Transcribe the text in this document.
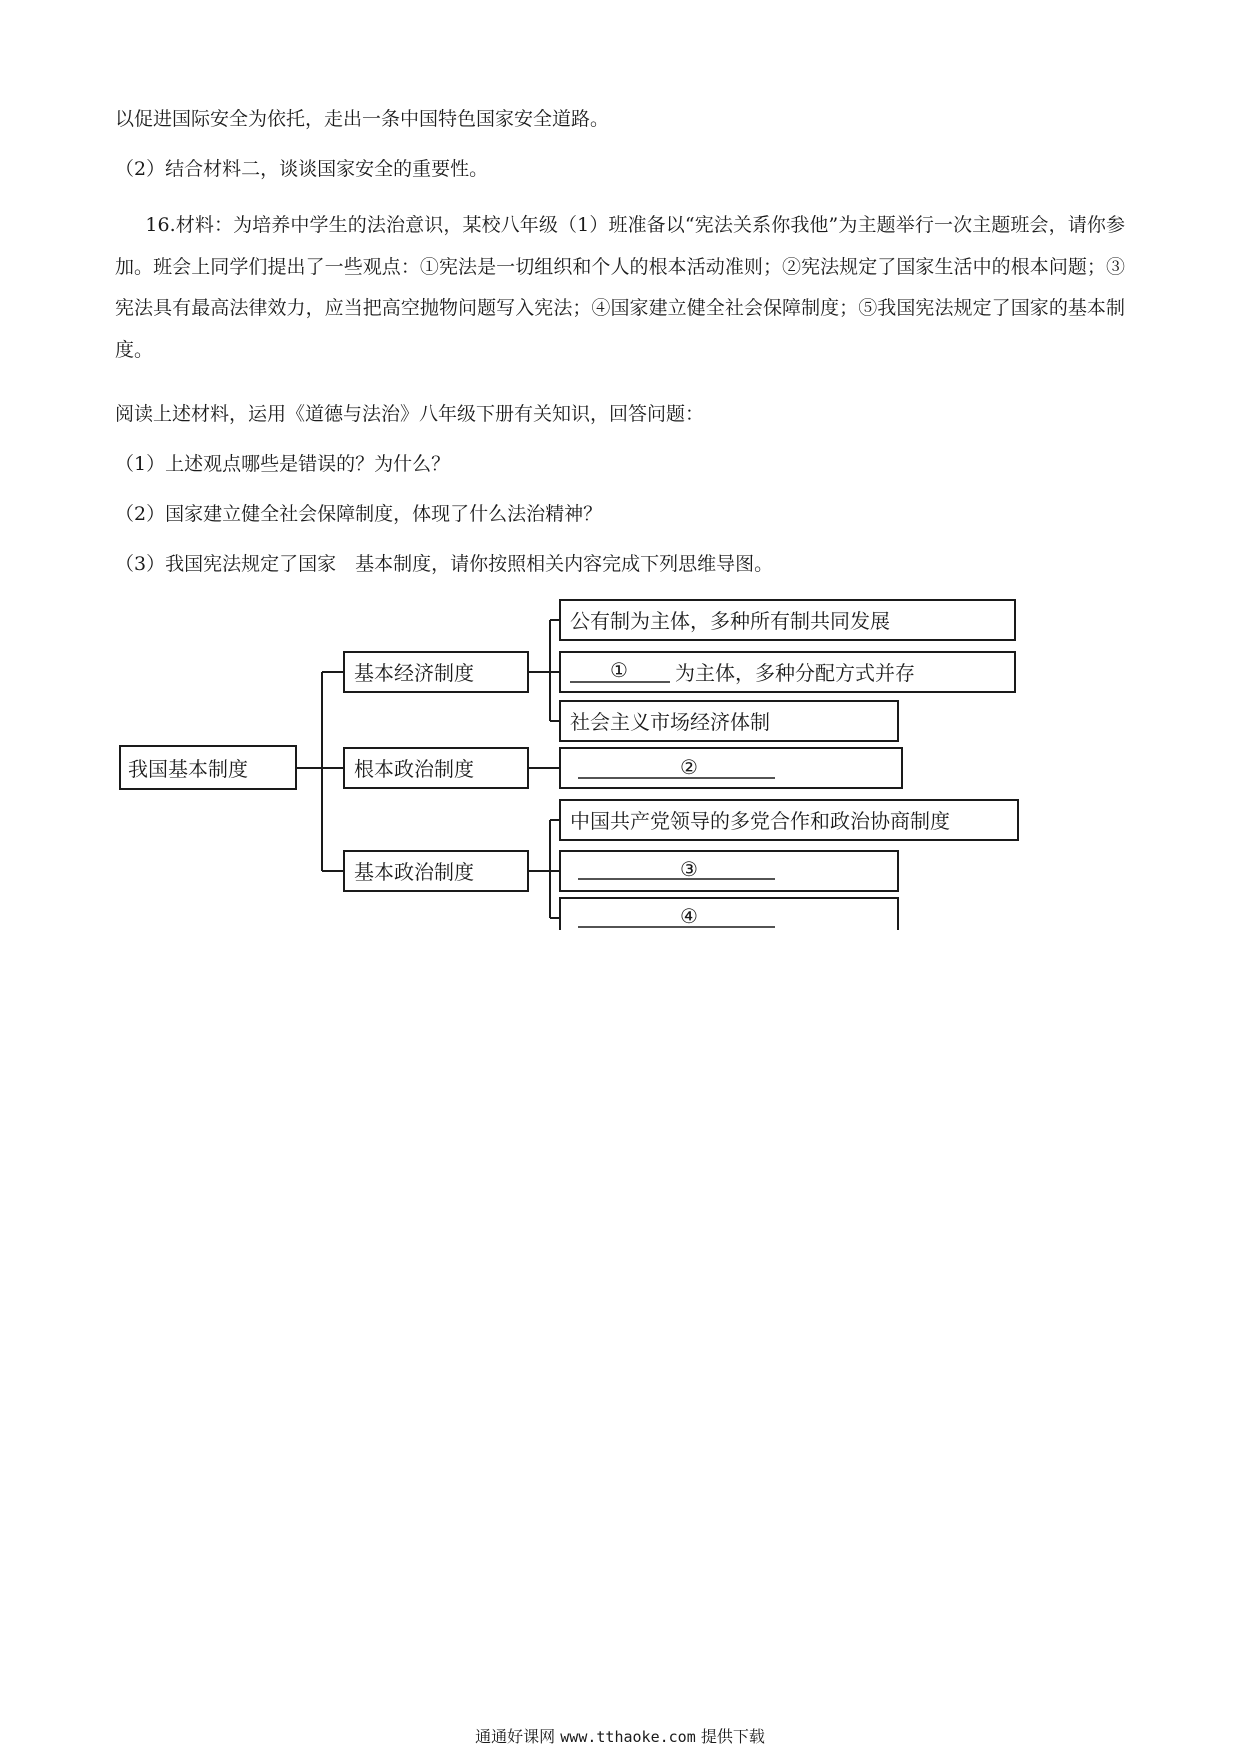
以促进国际安全为依托，走出一条中国特色国家安全道路。
（2）结合材料二，谈谈国家安全的重要性。
16.材料：为培养中学生的法治意识，某校八年级（1）班准备以“宪法关系你我他”为主题举行一次主题班会，请你参加。班会上同学们提出了一些观点：①宪法是一切组织和个人的根本活动准则；②宪法规定了国家生活中的根本问题；③宪法具有最高法律效力，应当把高空抛物问题写入宪法；④国家建立健全社会保障制度；⑤我国宪法规定了国家的基本制度。
阅读上述材料，运用《道德与法治》八年级下册有关知识，回答问题：
（1）上述观点哪些是错误的？为什么？
（2）国家建立健全社会保障制度，体现了什么法治精神？
（3）我国宪法规定了国家　基本制度，请你按照相关内容完成下列思维导图。
我国基本制度
基本经济制度
根本政治制度
基本政治制度
公有制为主体，多种所有制共同发展
① 为主体，多种分配方式并存
社会主义市场经济体制
②
中国共产党领导的多党合作和政治协商制度
③
④
通通好课网 www.tthaoke.com 提供下载
